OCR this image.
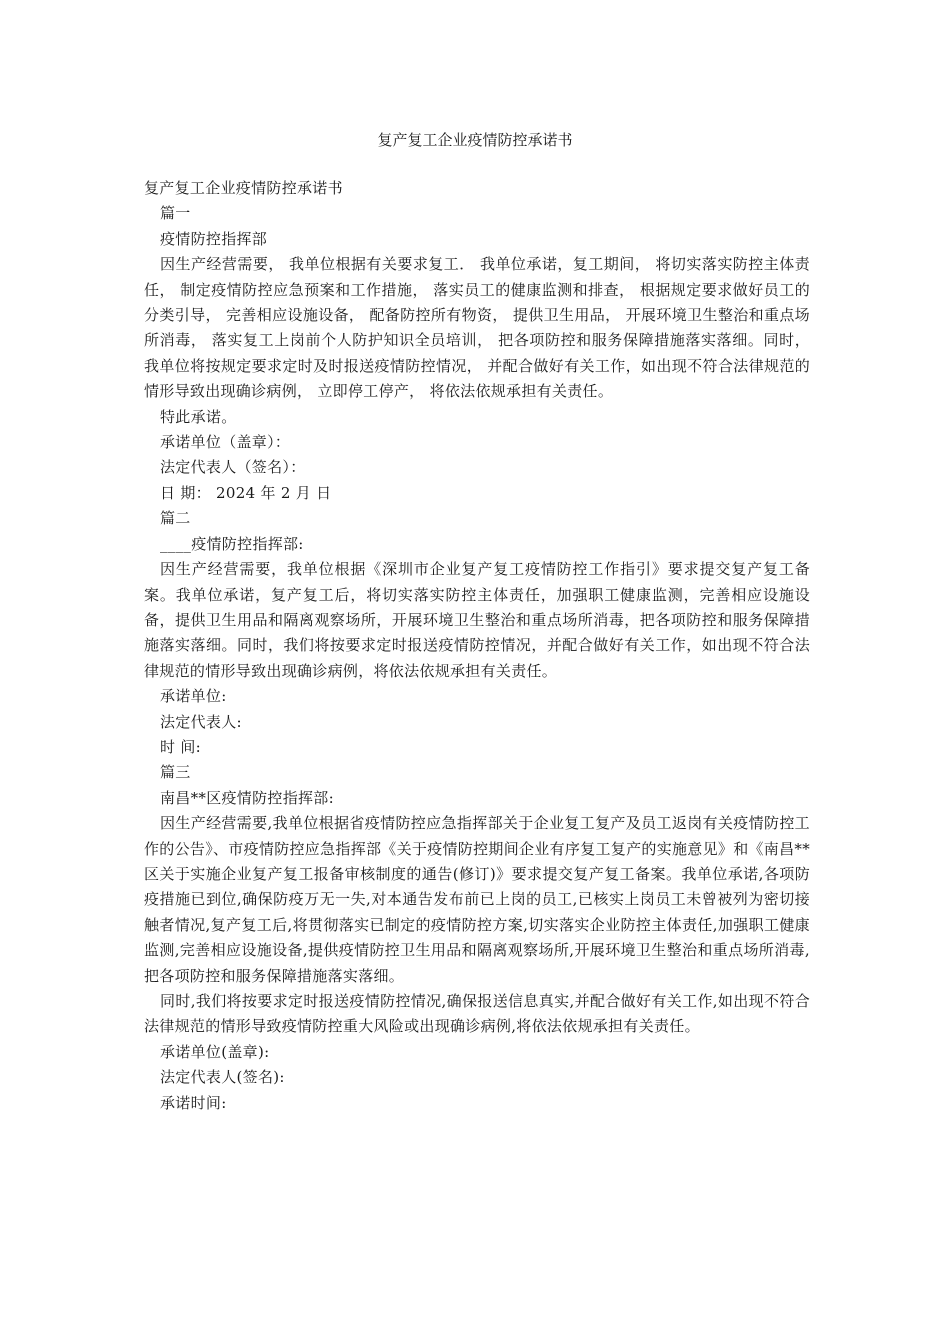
复产复工企业疫情防控承诺书

复产复工企业疫情防控承诺书

篇一

疫情防控指挥部

因生产经营需要， 我单位根据有关要求复工． 我单位承诺，复工期间， 将切实落实防控主体责任， 制定疫情防控应急预案和工作措施， 落实员工的健康监测和排查， 根据规定要求做好员工的分类引导， 完善相应设施设备， 配备防控所有物资， 提供卫生用品， 开展环境卫生整治和重点场所消毒， 落实复工上岗前个人防护知识全员培训， 把各项防控和服务保障措施落实落细。同时，我单位将按规定要求定时及时报送疫情防控情况， 并配合做好有关工作，如出现不符合法律规范的情形导致出现确诊病例， 立即停工停产， 将依法依规承担有关责任。

特此承诺。

承诺单位（盖章）：

法定代表人（签名）：

日 期： 2024 年 2 月 日

篇二

____疫情防控指挥部:

因生产经营需要，我单位根据《深圳市企业复产复工疫情防控工作指引》要求提交复产复工备案。我单位承诺，复产复工后，将切实落实防控主体责任，加强职工健康监测，完善相应设施设备，提供卫生用品和隔离观察场所，开展环境卫生整治和重点场所消毒，把各项防控和服务保障措施落实落细。同时，我们将按要求定时报送疫情防控情况，并配合做好有关工作，如出现不符合法律规范的情形导致出现确诊病例，将依法依规承担有关责任。

承诺单位:

法定代表人:

时 间:

篇三

南昌**区疫情防控指挥部:

因生产经营需要,我单位根据省疫情防控应急指挥部关于企业复工复产及员工返岗有关疫情防控工作的公告》、市疫情防控应急指挥部《关于疫情防控期间企业有序复工复产的实施意见》和《南昌**区关于实施企业复产复工报备审核制度的通告(修订)》要求提交复产复工备案。我单位承诺,各项防疫措施已到位,确保防疫万无一失,对本通告发布前已上岗的员工,已核实上岗员工未曾被列为密切接触者情况,复产复工后,将贯彻落实已制定的疫情防控方案,切实落实企业防控主体责任,加强职工健康监测,完善相应设施设备,提供疫情防控卫生用品和隔离观察场所,开展环境卫生整治和重点场所消毒,把各项防控和服务保障措施落实落细。

同时,我们将按要求定时报送疫情防控情况,确保报送信息真实,并配合做好有关工作,如出现不符合法律规范的情形导致疫情防控重大风险或出现确诊病例,将依法依规承担有关责任。

承诺单位(盖章):

法定代表人(签名):

承诺时间:
